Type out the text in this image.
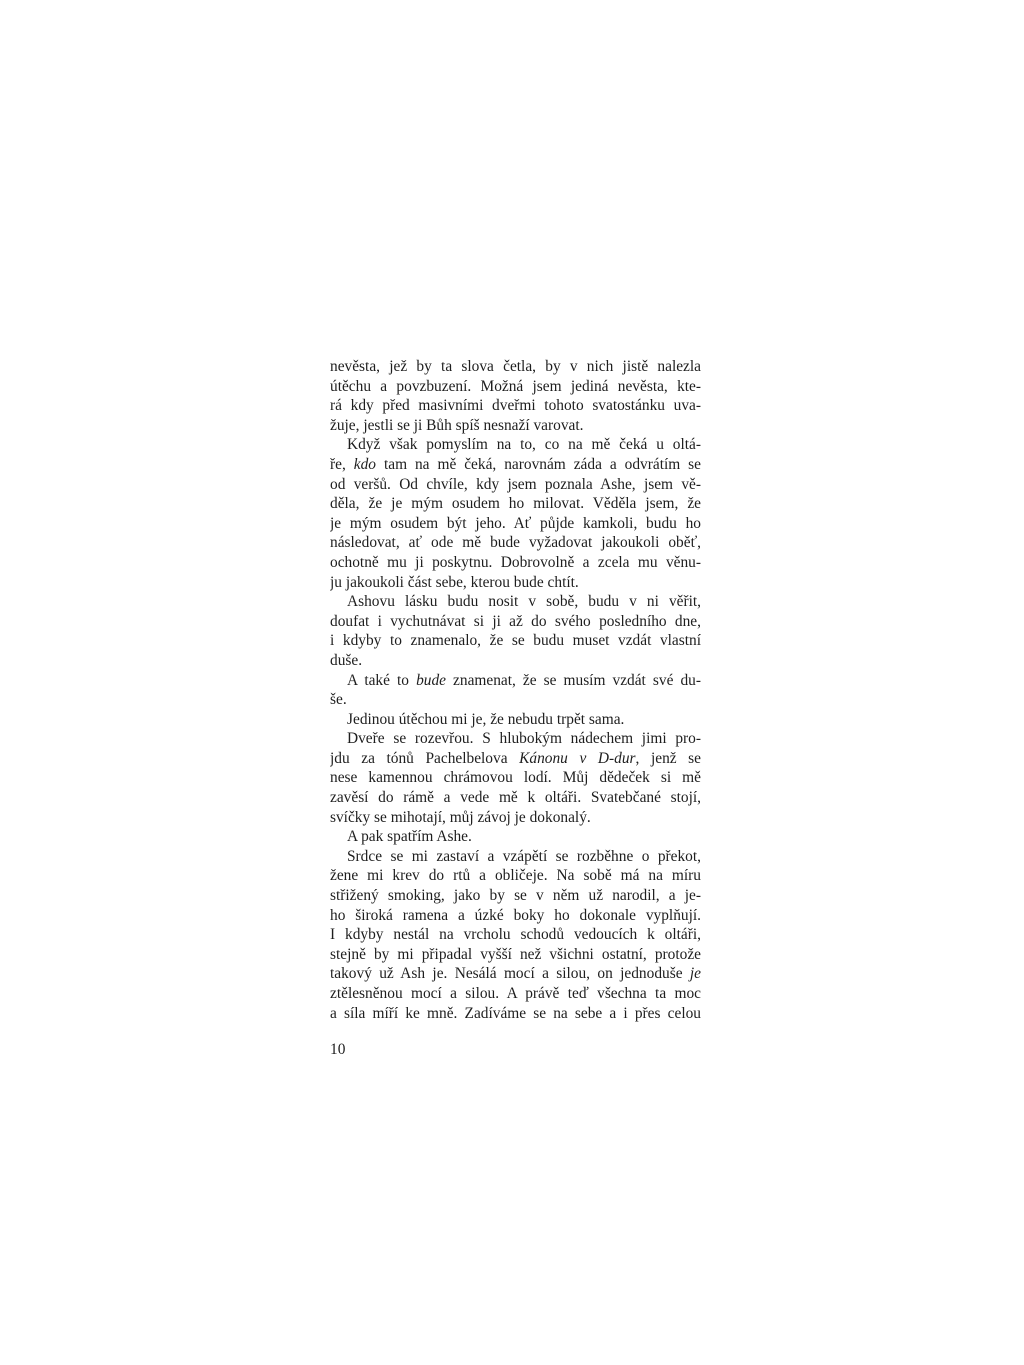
nevěsta, jež by ta slova četla, by v nich jistě nalezla
útěchu a povzbuzení. Možná jsem jediná nevěsta, kte-
rá kdy před masivními dveřmi tohoto svatostánku uva-
žuje, jestli se ji Bůh spíš nesnaží varovat.
Když však pomyslím na to, co na mě čeká u oltá-
ře, kdo tam na mě čeká, narovnám záda a odvrátím se
od veršů. Od chvíle, kdy jsem poznala Ashe, jsem vě-
děla, že je mým osudem ho milovat. Věděla jsem, že
je mým osudem být jeho. Ať půjde kamkoli, budu ho
následovat, ať ode mě bude vyžadovat jakoukoli oběť,
ochotně mu ji poskytnu. Dobrovolně a zcela mu věnu-
ju jakoukoli část sebe, kterou bude chtít.
Ashovu lásku budu nosit v sobě, budu v ni věřit,
doufat i vychutnávat si ji až do svého posledního dne,
i kdyby to znamenalo, že se budu muset vzdát vlastní
duše.
A také to bude znamenat, že se musím vzdát své du-
še.
Jedinou útěchou mi je, že nebudu trpět sama.
Dveře se rozevřou. S hlubokým nádechem jimi pro-
jdu za tónů Pachelbelova Kánonu v D-dur, jenž se
nese kamennou chrámovou lodí. Můj dědeček si mě
zavěsí do rámě a vede mě k oltáři. Svatebčané stojí,
svíčky se mihotají, můj závoj je dokonalý.
A pak spatřím Ashe.
Srdce se mi zastaví a vzápětí se rozběhne o překot,
žene mi krev do rtů a obličeje. Na sobě má na míru
střižený smoking, jako by se v něm už narodil, a je-
ho široká ramena a úzké boky ho dokonale vyplňují.
I kdyby nestál na vrcholu schodů vedoucích k oltáři,
stejně by mi připadal vyšší než všichni ostatní, protože
takový už Ash je. Nesálá mocí a silou, on jednoduše je
ztělesněnou mocí a silou. A právě teď všechna ta moc
a síla míří ke mně. Zadíváme se na sebe a i přes celou
10
